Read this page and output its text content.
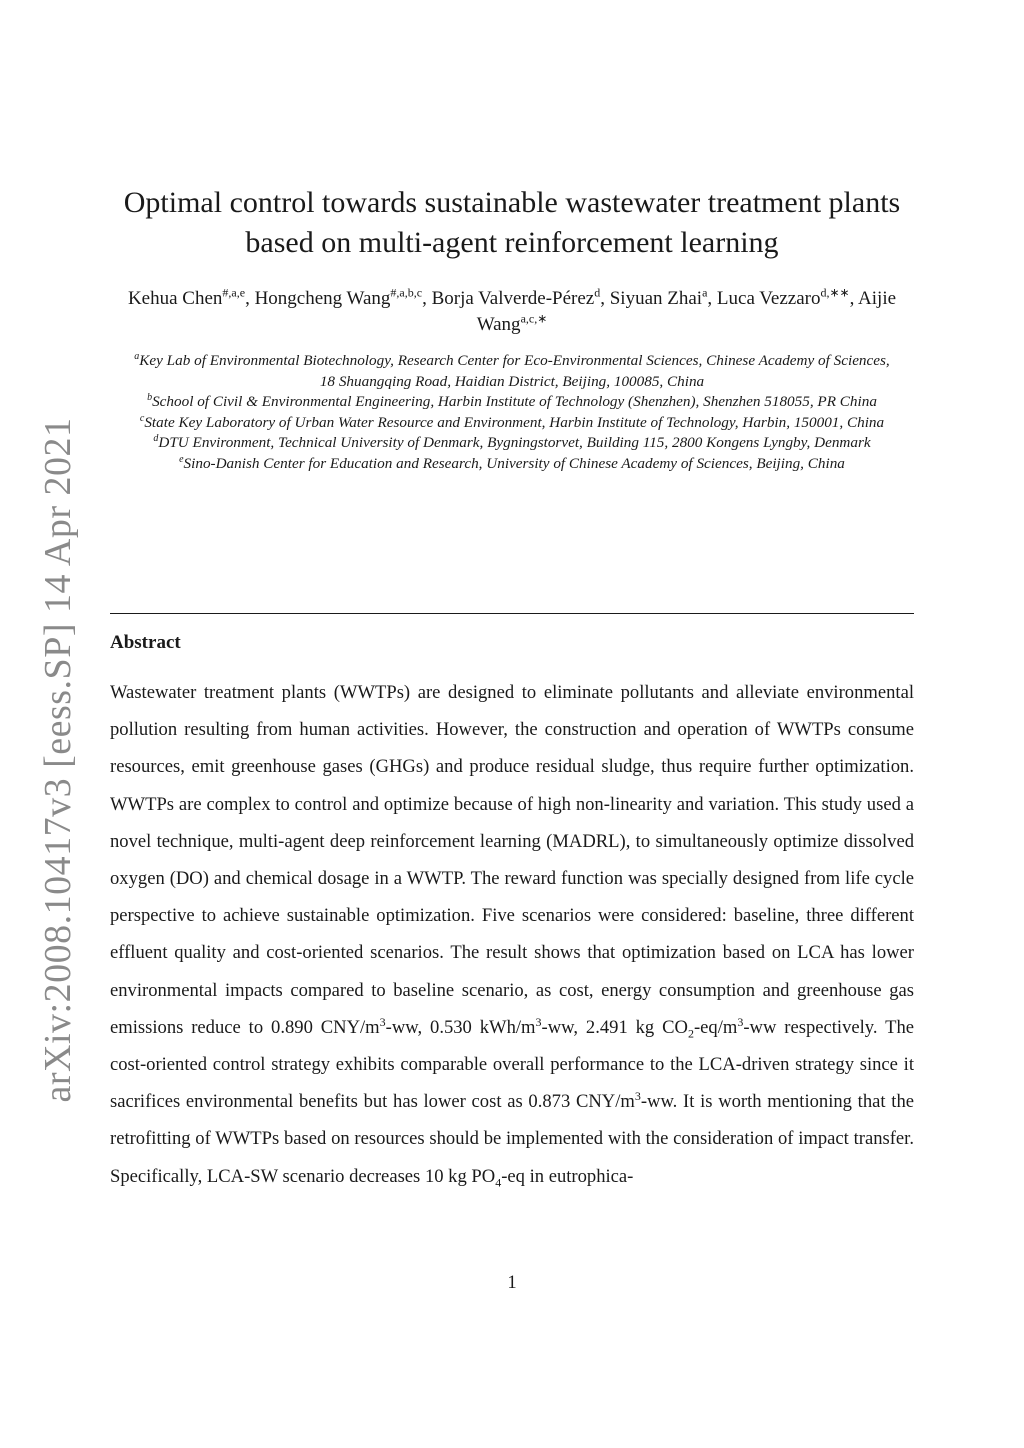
arXiv:2008.10417v3 [eess.SP] 14 Apr 2021
Optimal control towards sustainable wastewater treatment plants
based on multi-agent reinforcement learning
Kehua Chen$^{\#,a,e}$, Hongcheng Wang$^{\#,a,b,c}$, Borja Valverde-Pérez$^d$, Siyuan Zhai$^a$, Luca Vezzaro$^{d,∗∗}$, Aijie Wang$^{a,c,∗}$
$^a$Key Lab of Environmental Biotechnology, Research Center for Eco-Environmental Sciences, Chinese Academy of Sciences, 18 Shuangqing Road, Haidian District, Beijing, 100085, China
$^b$School of Civil & Environmental Engineering, Harbin Institute of Technology (Shenzhen), Shenzhen 518055, PR China
$^c$State Key Laboratory of Urban Water Resource and Environment, Harbin Institute of Technology, Harbin, 150001, China
$^d$DTU Environment, Technical University of Denmark, Bygningstorvet, Building 115, 2800 Kongens Lyngby, Denmark
$^e$Sino-Danish Center for Education and Research, University of Chinese Academy of Sciences, Beijing, China
Abstract

Wastewater treatment plants (WWTPs) are designed to eliminate pollutants and alleviate environmental pollution resulting from human activities. However, the construction and operation of WWTPs consume resources, emit greenhouse gases (GHGs) and produce residual sludge, thus require further optimization. WWTPs are complex to control and optimize because of high non-linearity and variation. This study used a novel technique, multi-agent deep reinforcement learning (MADRL), to simultaneously optimize dissolved oxygen (DO) and chemical dosage in a WWTP. The reward function was specially designed from life cycle perspective to achieve sustainable optimization. Five scenarios were considered: baseline, three different effluent quality and cost-oriented scenarios. The result shows that optimization based on LCA has lower environmental impacts compared to baseline scenario, as cost, energy consumption and greenhouse gas emissions reduce to 0.890 CNY/$m^3-ww$, 0.530 kWh/$m^3-ww$, 2.491 kg $CO_2-eq/m^3-ww$ respectively. The cost-oriented control strategy exhibits comparable overall performance to the LCA-driven strategy since it sacrifices environmental benefits but has lower cost as 0.873 CNY/$m^3-ww$. It is worth mentioning that the retrofitting of WWTPs based on resources should be implemented with the consideration of impact transfer. Specifically, LCA-SW scenario decreases 10 kg $PO_4-eq$ in eutrophica-

1
